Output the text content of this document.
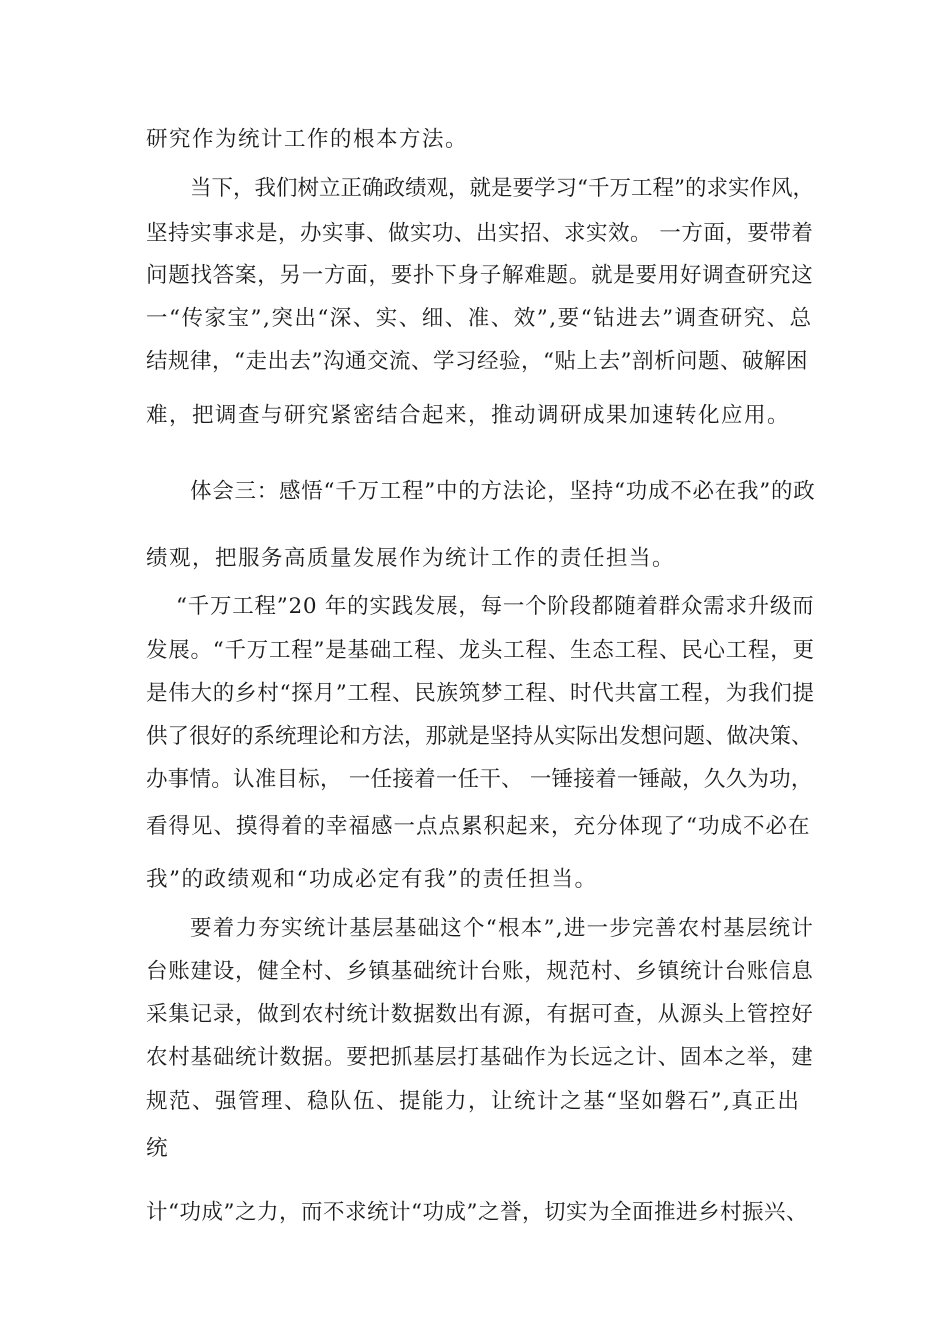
研究作为统计工作的根本方法。
当下，我们树立正确政绩观，就是要学习“千万工程”的求实作风，
坚持实事求是，办实事、做实功、出实招、求实效。 一方面，要带着
问题找答案，另一方面，要扑下身子解难题。就是要用好调查研究这
一“传家宝”,突出“深、实、细、准、效”,要“钻进去”调查研究、总
结规律，“走出去”沟通交流、学习经验，“贴上去”剖析问题、破解困
难，把调查与研究紧密结合起来，推动调研成果加速转化应用。
体会三：感悟“千万工程”中的方法论，坚持“功成不必在我”的政
绩观，把服务高质量发展作为统计工作的责任担当。
“千万工程”20 年的实践发展，每一个阶段都随着群众需求升级而
发展。“千万工程”是基础工程、龙头工程、生态工程、民心工程，更
是伟大的乡村“探月”工程、民族筑梦工程、时代共富工程，为我们提
供了很好的系统理论和方法，那就是坚持从实际出发想问题、做决策、
办事情。认准目标， 一任接着一任干、 一锤接着一锤敲，久久为功，
看得见、摸得着的幸福感一点点累积起来，充分体现了“功成不必在
我”的政绩观和“功成必定有我”的责任担当。
要着力夯实统计基层基础这个“根本”,进一步完善农村基层统计
台账建设，健全村、乡镇基础统计台账，规范村、乡镇统计台账信息
采集记录，做到农村统计数据数出有源，有据可查，从源头上管控好
农村基础统计数据。要把抓基层打基础作为长远之计、固本之举，建
规范、强管理、稳队伍、提能力，让统计之基“坚如磐石”,真正出
统
计“功成”之力，而不求统计“功成”之誉，切实为全面推进乡村振兴、
